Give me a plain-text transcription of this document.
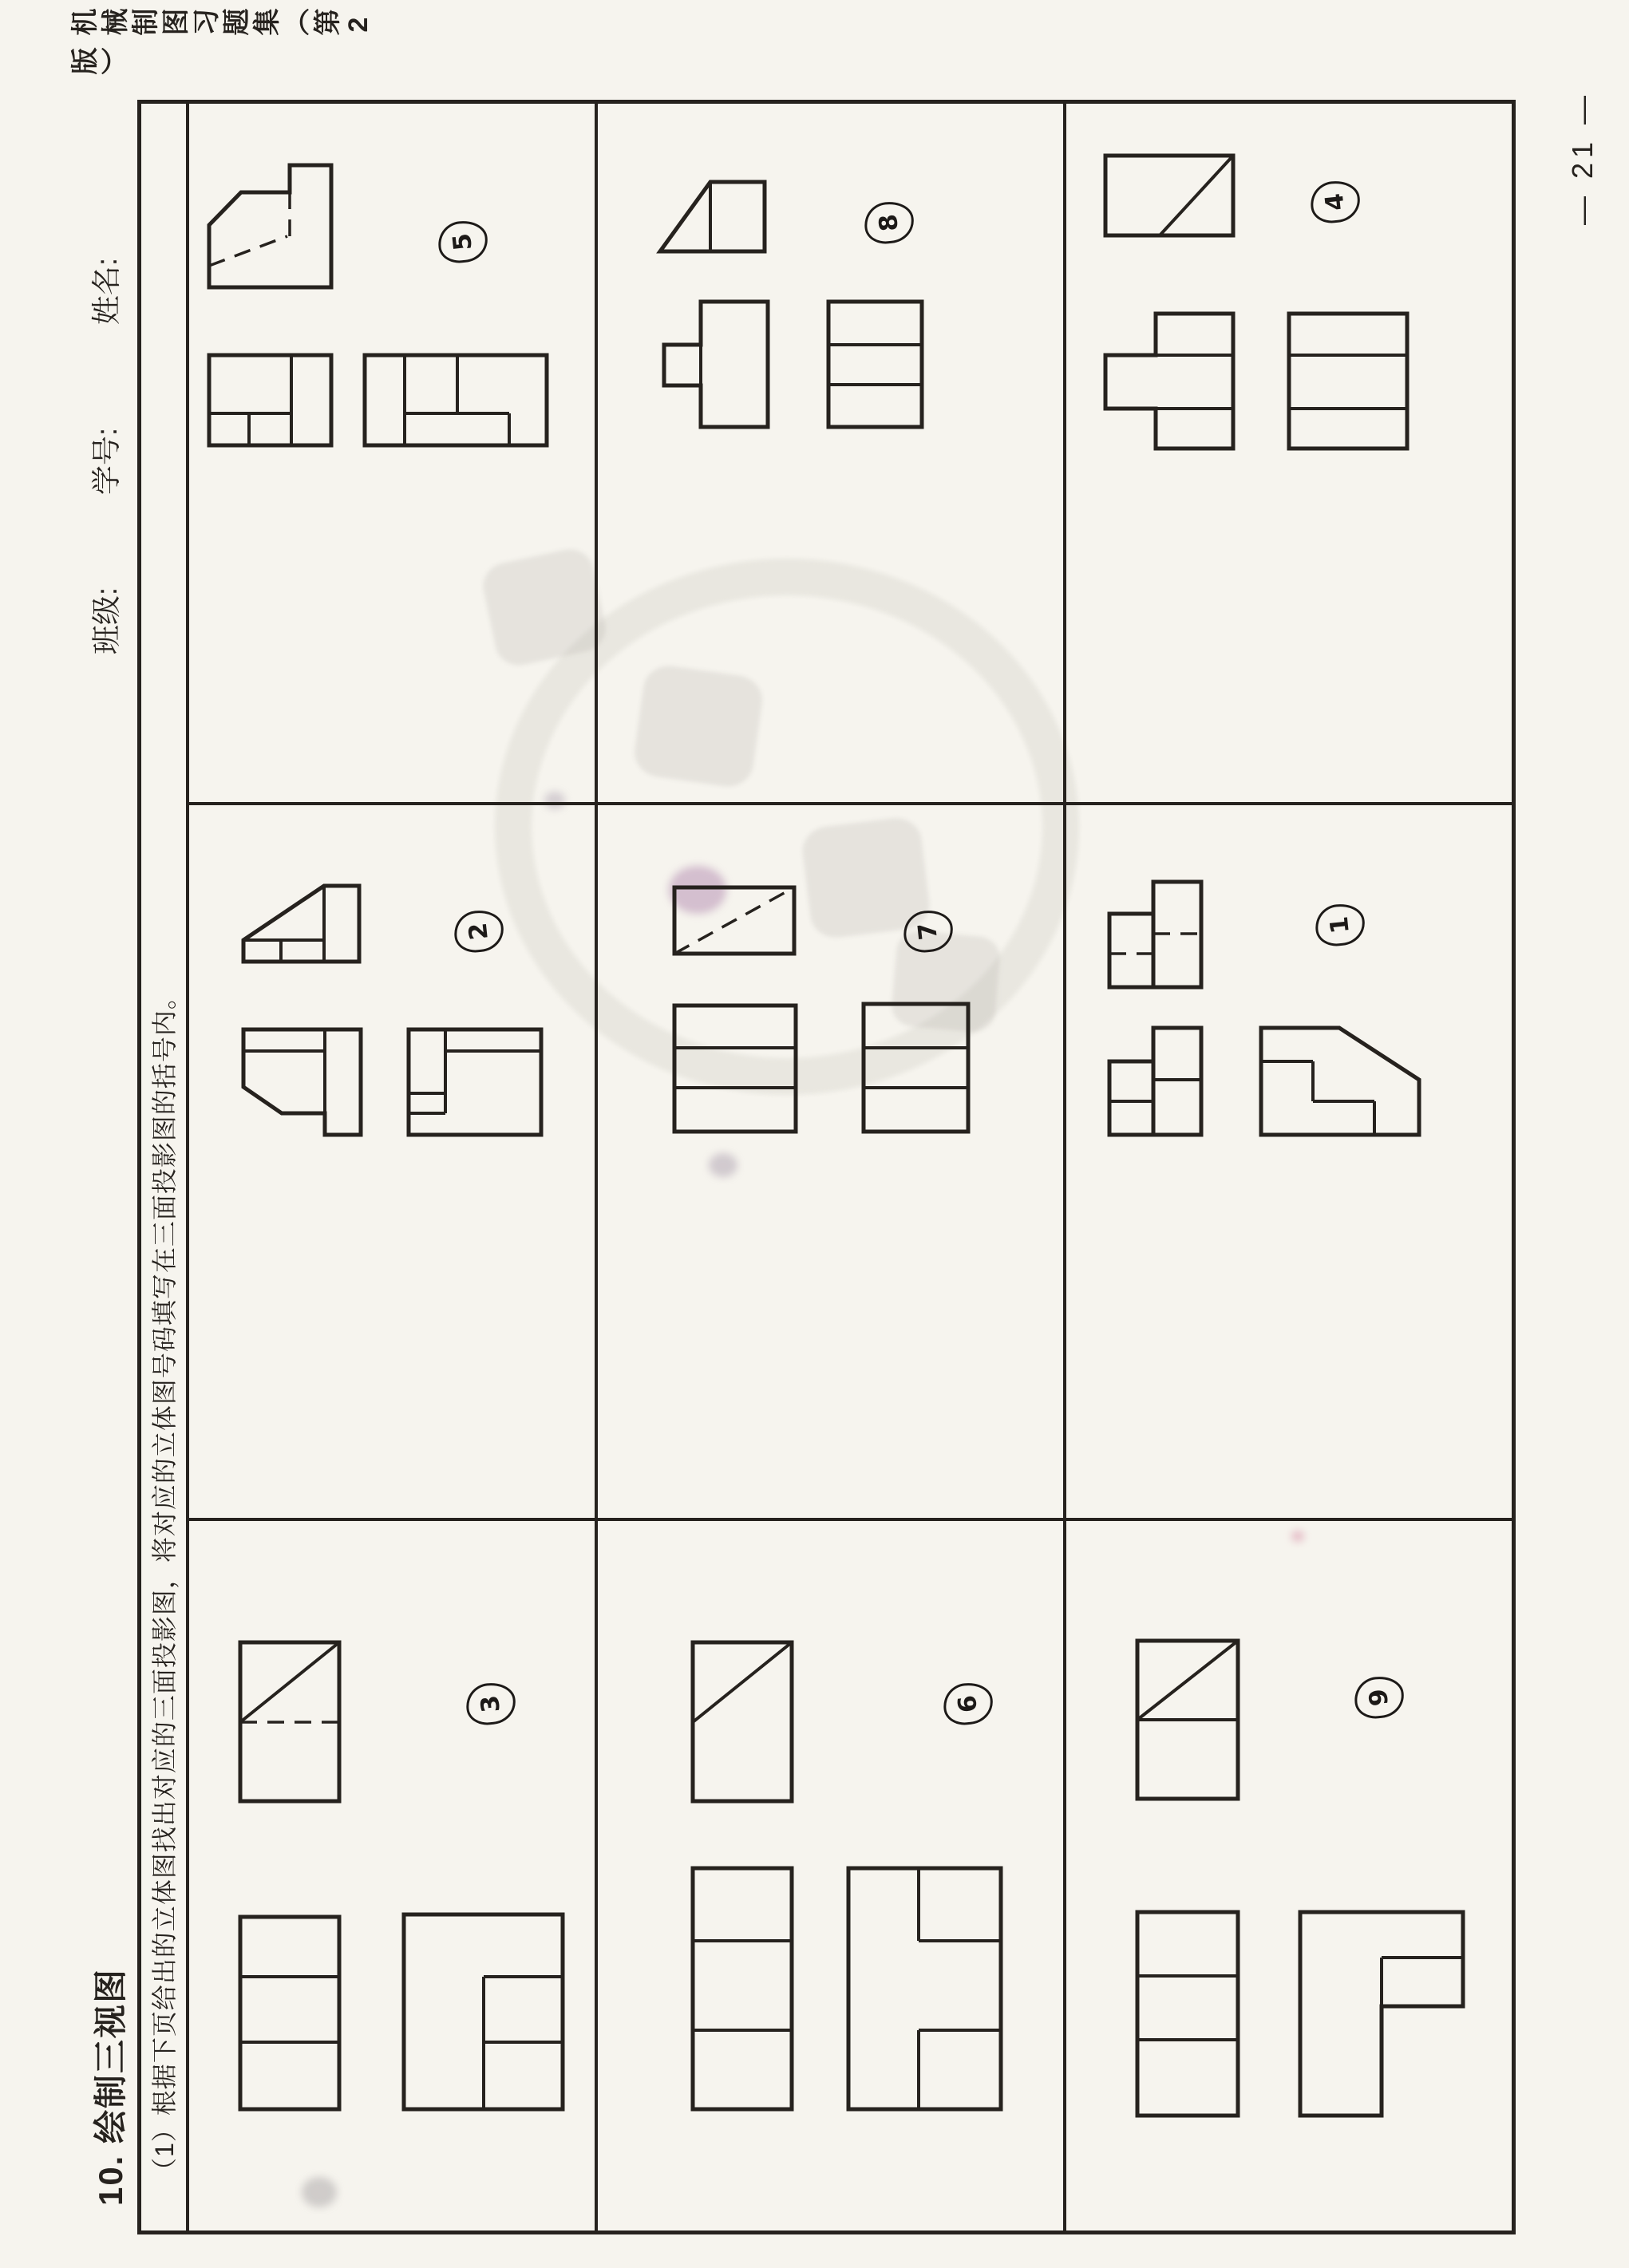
机械制图习题集（第2版）
— 21 —
姓名:
学号:
班级:
10. 绘制三视图 （1）根据下页给出的立体图找出对应的三面投影图，将对应的立体图号码填写在三面投影图的括号内。
5
8
4
2	7	1
3	6	9
